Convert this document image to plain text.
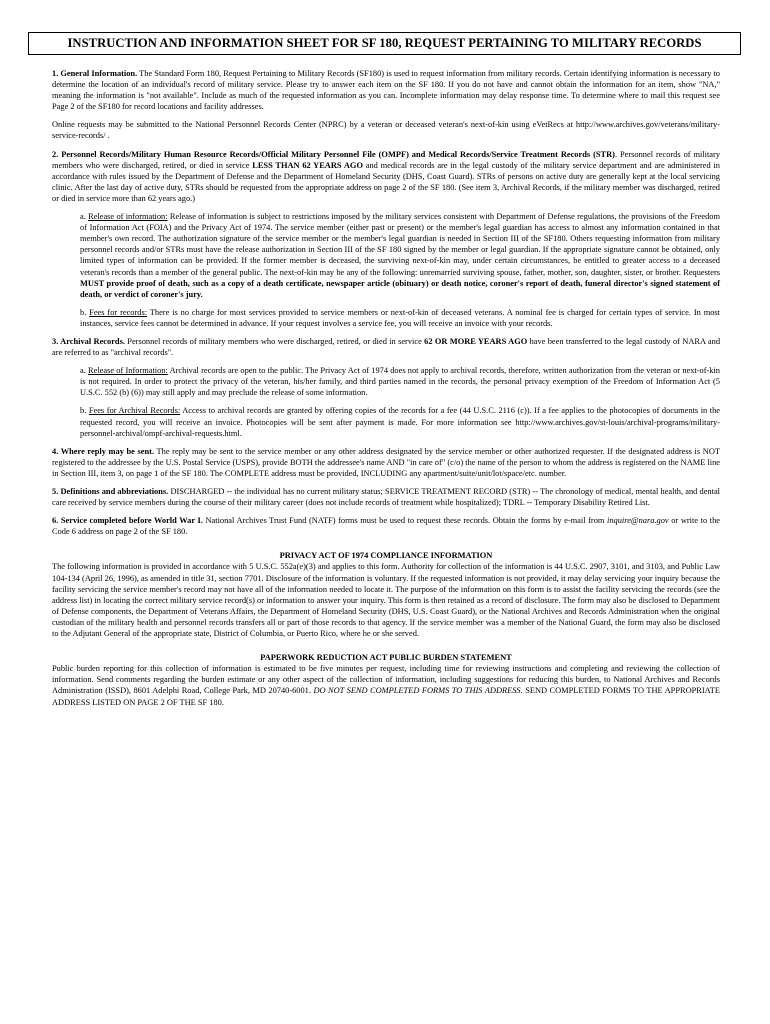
INSTRUCTION AND INFORMATION SHEET FOR SF 180, REQUEST PERTAINING TO MILITARY RECORDS

1. General Information. The Standard Form 180, Request Pertaining to Military Records (SF180) is used to request information from military records. Certain identifying information is necessary to determine the location of an individual's record of military service. Please try to answer each item on the SF 180. If you do not have and cannot obtain the information for an item, show "NA," meaning the information is "not available". Include as much of the requested information as you can. Incomplete information may delay response time. To determine where to mail this request see Page 2 of the SF180 for record locations and facility addresses.

Online requests may be submitted to the National Personnel Records Center (NPRC) by a veteran or deceased veteran's next-of-kin using eVetRecs at http://www.archives.gov/veterans/military-service-records/ .

2. Personnel Records/Military Human Resource Records/Official Military Personnel File (OMPF) and Medical Records/Service Treatment Records (STR). Personnel records of military members who were discharged, retired, or died in service LESS THAN 62 YEARS AGO and medical records are in the legal custody of the military service department and are administered in accordance with rules issued by the Department of Defense and the Department of Homeland Security (DHS, Coast Guard). STRs of persons on active duty are generally kept at the local servicing clinic. After the last day of active duty, STRs should be requested from the appropriate address on page 2 of the SF 180. (See item 3, Archival Records, if the military member was discharged, retired or died in service more than 62 years ago.)

a. Release of information: Release of information is subject to restrictions imposed by the military services consistent with Department of Defense regulations, the provisions of the Freedom of Information Act (FOIA) and the Privacy Act of 1974. The service member (either past or present) or the member's legal guardian has access to almost any information contained in that member's own record. The authorization signature of the service member or the member's legal guardian is needed in Section III of the SF180. Others requesting information from military personnel records and/or STRs must have the release authorization in Section III of the SF 180 signed by the member or legal guardian. If the appropriate signature cannot be obtained, only limited types of information can be provided. If the former member is deceased, the surviving next-of-kin may, under certain circumstances, be entitled to greater access to a deceased veteran's records than a member of the general public. The next-of-kin may be any of the following: unremarried surviving spouse, father, mother, son, daughter, sister, or brother. Requesters MUST provide proof of death, such as a copy of a death certificate, newspaper article (obituary) or death notice, coroner's report of death, funeral director's signed statement of death, or verdict of coroner's jury.

b. Fees for records: There is no charge for most services provided to service members or next-of-kin of deceased veterans. A nominal fee is charged for certain types of service. In most instances, service fees cannot be determined in advance. If your request involves a service fee, you will receive an invoice with your records.

3. Archival Records. Personnel records of military members who were discharged, retired, or died in service 62 OR MORE YEARS AGO have been transferred to the legal custody of NARA and are referred to as "archival records".

a. Release of Information: Archival records are open to the public. The Privacy Act of 1974 does not apply to archival records, therefore, written authorization from the veteran or next-of-kin is not required. In order to protect the privacy of the veteran, his/her family, and third parties named in the records, the personal privacy exemption of the Freedom of Information Act (5 U.S.C. 552 (b) (6)) may still apply and may preclude the release of some information.

b. Fees for Archival Records: Access to archival records are granted by offering copies of the records for a fee (44 U.S.C. 2116 (c)). If a fee applies to the photocopies of documents in the requested record, you will receive an invoice. Photocopies will be sent after payment is made. For more information see http://www.archives.gov/st-louis/archival-programs/military-personnel-archival/ompf-archival-requests.html.

4. Where reply may be sent. The reply may be sent to the service member or any other address designated by the service member or other authorized requester. If the designated address is NOT registered to the addressee by the U.S. Postal Service (USPS), provide BOTH the addressee's name AND "in care of" (c/o) the name of the person to whom the address is registered on the NAME line in Section III, item 3, on page 1 of the SF 180. The COMPLETE address must be provided, INCLUDING any apartment/suite/unit/lot/space/etc. number.

5. Definitions and abbreviations. DISCHARGED -- the individual has no current military status; SERVICE TREATMENT RECORD (STR) -- The chronology of medical, mental health, and dental care received by service members during the course of their military career (does not include records of treatment while hospitalized); TDRL -- Temporary Disability Retired List.

6. Service completed before World War I. National Archives Trust Fund (NATF) forms must be used to request these records. Obtain the forms by e-mail from inquire@nara.gov or write to the Code 6 address on page 2 of the SF 180.

PRIVACY ACT OF 1974 COMPLIANCE INFORMATION

The following information is provided in accordance with 5 U.S.C. 552a(e)(3) and applies to this form. Authority for collection of the information is 44 U.S.C. 2907, 3101, and 3103, and Public Law 104-134 (April 26, 1996), as amended in title 31, section 7701. Disclosure of the information is voluntary. If the requested information is not provided, it may delay servicing your inquiry because the facility servicing the service member's record may not have all of the information needed to locate it. The purpose of the information on this form is to assist the facility servicing the records (see the address list) in locating the correct military service record(s) or information to answer your inquiry. This form is then retained as a record of disclosure. The form may also be disclosed to Department of Defense components, the Department of Veterans Affairs, the Department of Homeland Security (DHS, U.S. Coast Guard), or the National Archives and Records Administration when the original custodian of the military health and personnel records transfers all or part of those records to that agency. If the service member was a member of the National Guard, the form may also be disclosed to the Adjutant General of the appropriate state, District of Columbia, or Puerto Rico, where he or she served.

PAPERWORK REDUCTION ACT PUBLIC BURDEN STATEMENT

Public burden reporting for this collection of information is estimated to be five minutes per request, including time for reviewing instructions and completing and reviewing the collection of information. Send comments regarding the burden estimate or any other aspect of the collection of information, including suggestions for reducing this burden, to National Archives and Records Administration (ISSD), 8601 Adelphi Road, College Park, MD 20740-6001. DO NOT SEND COMPLETED FORMS TO THIS ADDRESS. SEND COMPLETED FORMS TO THE APPROPRIATE ADDRESS LISTED ON PAGE 2 OF THE SF 180.
